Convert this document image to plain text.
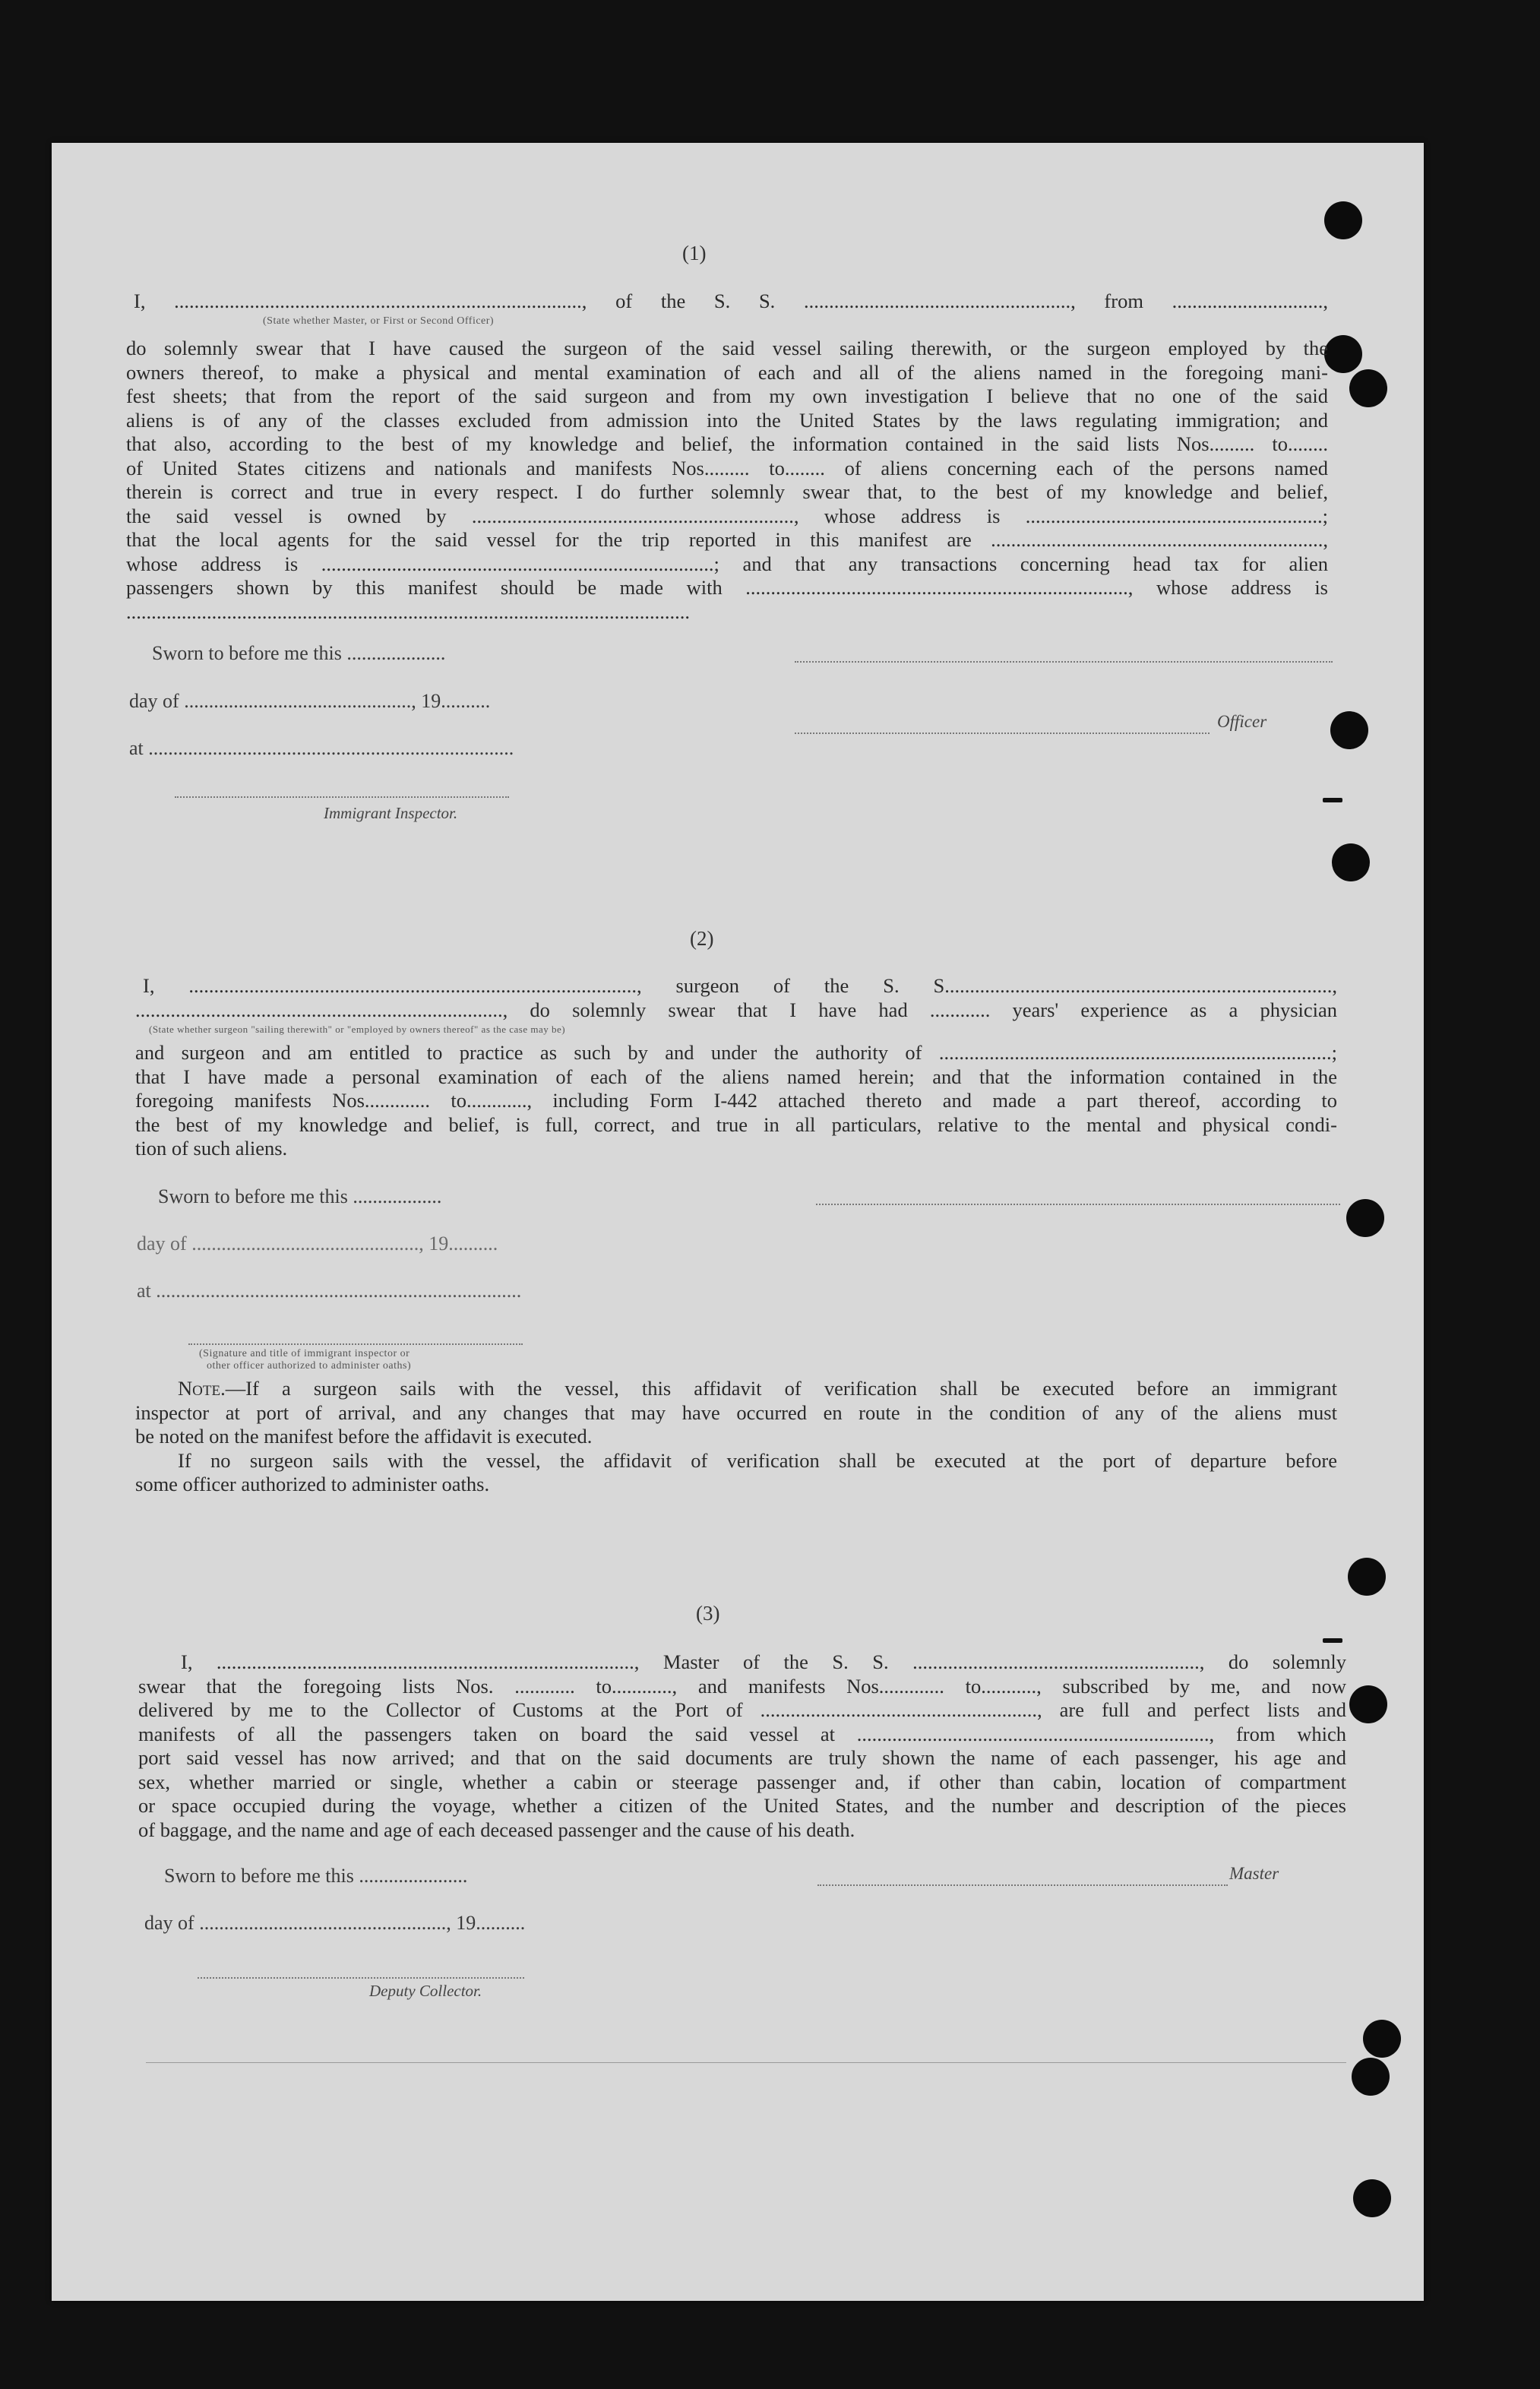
(1)
I, ................................................................................., of the S. S. ....................................................., from ..............................,
(State whether Master, or First or Second Officer)
do solemnly swear that I have caused the surgeon of the said vessel sailing therewith, or the surgeon employed by the
owners thereof, to make a physical and mental examination of each and all of the aliens named in the foregoing mani-
fest sheets; that from the report of the said surgeon and from my own investigation I believe that no one of the said
aliens is of any of the classes excluded from admission into the United States by the laws regulating immigration; and
that also, according to the best of my knowledge and belief, the information contained in the said lists Nos......... to........
of United States citizens and nationals and manifests Nos......... to........ of aliens concerning each of the persons named
therein is correct and true in every respect. I do further solemnly swear that, to the best of my knowledge and belief,
the said vessel is owned by ................................................................, whose address is ...........................................................;
that the local agents for the said vessel for the trip reported in this manifest are ..................................................................,
whose address is ..............................................................................; and that any transactions concerning head tax for alien
passengers shown by this manifest should be made with ............................................................................, whose address is
................................................................................................................
Sworn to before me this ....................
day of .............................................., 19..........
Officer
at ..........................................................................
Immigrant Inspector.
(2)
I, ........................................................................................., surgeon of the S. S.............................................................................,
........................................................................., do solemnly swear that I have had ............ years' experience as a physician
(State whether surgeon "sailing therewith" or "employed by owners thereof" as the case may be)
and surgeon and am entitled to practice as such by and under the authority of ..............................................................................;
that I have made a personal examination of each of the aliens named herein; and that the information contained in the
foregoing manifests Nos............. to............, including Form I-442 attached thereto and made a part thereof, according to
the best of my knowledge and belief, is full, correct, and true in all particulars, relative to the mental and physical condi-
tion of such aliens.
Sworn to before me this ..................
day of .............................................., 19..........
at ..........................................................................
(Signature and title of immigrant inspector or
other officer authorized to administer oaths)
Note.—If a surgeon sails with the vessel, this affidavit of verification shall be executed before an immigrant
inspector at port of arrival, and any changes that may have occurred en route in the condition of any of the aliens must
be noted on the manifest before the affidavit is executed.
If no surgeon sails with the vessel, the affidavit of verification shall be executed at the port of departure before
some officer authorized to administer oaths.
(3)
I, ..................................................................................., Master of the S. S. ........................................................., do solemnly
swear that the foregoing lists Nos. ............ to............, and manifests Nos............. to..........., subscribed by me, and now
delivered by me to the Collector of Customs at the Port of ......................................................., are full and perfect lists and
manifests of all the passengers taken on board the said vessel at ......................................................................, from which
port said vessel has now arrived; and that on the said documents are truly shown the name of each passenger, his age and
sex, whether married or single, whether a cabin or steerage passenger and, if other than cabin, location of compartment
or space occupied during the voyage, whether a citizen of the United States, and the number and description of the pieces
of baggage, and the name and age of each deceased passenger and the cause of his death.
Sworn to before me this ......................	Master
day of .................................................., 19..........
Deputy Collector.
